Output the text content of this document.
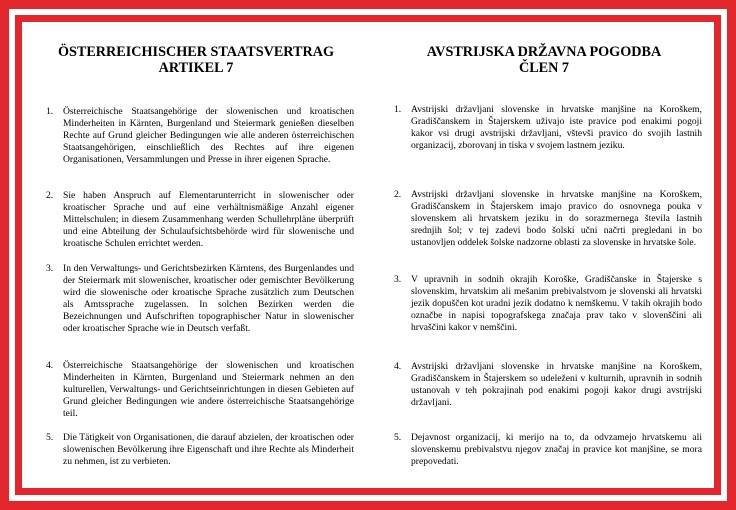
ÖSTERREICHISCHER STAATSVERTRAG
ARTIKEL 7
1. Österreichische Staatsangehörige der slowenischen und kroatischen Minderheiten in Kärnten, Burgenland und Steiermark genießen dieselben Rechte auf Grund gleicher Bedingungen wie alle anderen österreichischen Staatsangehörigen, einschließlich des Rechtes auf ihre eigenen Organisationen, Versammlungen und Presse in ihrer eigenen Sprache.
2. Sie haben Anspruch auf Elementarunterricht in slowenischer oder kroatischer Sprache und auf eine verhältnismäßige Anzahl eigener Mittelschulen; in diesem Zusammenhang werden Schullehrpläne überprüft und eine Abteilung der Schulaufsichtsbehörde wird für slowenische und kroatische Schulen errichtet werden.
3. In den Verwaltungs- und Gerichtsbezirken Kärntens, des Burgenlandes und der Steiermark mit slowenischer, kroatischer oder gemischter Bevölkerung wird die slowenische oder kroatische Sprache zusätzlich zum Deutschen als Amtssprache zugelassen. In solchen Bezirken werden die Bezeichnungen und Aufschriften topographischer Natur in slowenischer oder kroatischer Sprache wie in Deutsch verfaßt.
4. Österreichische Staatsangehörige der slowenischen und kroatischen Minderheiten in Kärnten, Burgenland und Steiermark nehmen an den kulturellen, Verwaltungs- und Gerichtseinrichtungen in diesen Gebieten auf Grund gleicher Bedingungen wie andere österreichische Staatsangehörige teil.
5. Die Tätigkeit von Organisationen, die darauf abzielen, der kroatischen oder slowenischen Bevölkerung ihre Eigenschaft und ihre Rechte als Minderheit zu nehmen, ist zu verbieten.
AVSTRIJSKA DRŽAVNA POGODBA
ČLEN 7
1. Avstrijski državljani slovenske in hrvatske manjšine na Koroškem, Gradiščanskem in Štajerskem uživajo iste pravice pod enakimi pogoji kakor vsi drugi avstrijski državljani, vštevši pravico do svojih lastnih organizacij, zborovanj in tiska v svojem lastnem jeziku.
2. Avstrijski državljani slovenske in hrvatske manjšine na Koroškem, Gradiščanskem in Štajerskem imajo pravico do osnovnega pouka v slovenskem ali hrvatskem jeziku in do sorazmernega števila lastnih srednjih šol; v tej zadevi bodo šolski učni načrti pregledani in bo ustanovljen oddelek šolske nadzorne oblasti za slovenske in hrvatske šole.
3. V upravnih in sodnih okrajih Koroške, Gradiščanske in Štajerske s slovenskim, hrvatskim ali mešanim prebivalstvom je slovenski ali hrvatski jezik dopuščen kot uradni jezik dodatno k nemškemu. V takih okrajih bodo označbe in napisi topografskega značaja prav tako v slovenščini ali hrvaščini kakor v nemščini.
4. Avstrijski državljani slovenske in hrvatske manjšine na Koroškem, Gradiščanskem in Štajerskem so udeleženi v kulturnih, upravnih in sodnih ustanovah v teh pokrajinah pod enakimi pogoji kakor drugi avstrijski državljani.
5. Dejavnost organizacij, ki merijo na to, da odvzamejo hrvatskemu ali slovenskemu prebivalstvu njegov značaj in pravice kot manjšine, se mora prepovedati.
